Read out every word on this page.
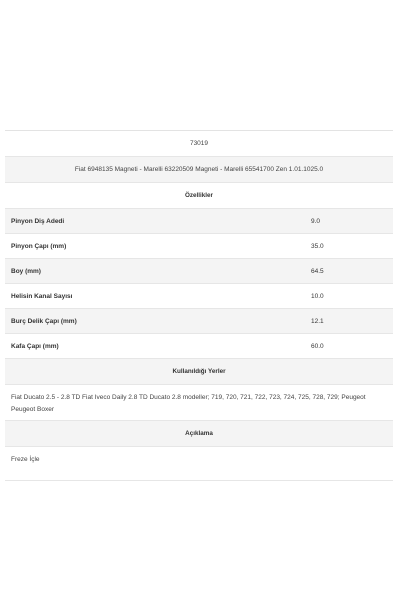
73019
Fiat 6948135 Magneti - Marelli 63220509 Magneti - Marelli 65541700 Zen 1.01.1025.0
Özellikler
Pinyon Diş Adedi	9.0
Pinyon Çapı (mm)	35.0
Boy (mm)	64.5
Helisin Kanal Sayısı	10.0
Burç Delik Çapı (mm)	12.1
Kafa Çapı (mm)	60.0
Kullanıldığı Yerler
Fiat Ducato 2.5 - 2.8 TD Fiat Iveco Daily 2.8 TD Ducato 2.8 modeller; 719, 720, 721, 722, 723, 724, 725, 728, 729; Peugeot Peugeot Boxer
Açıklama
Freze İçle
